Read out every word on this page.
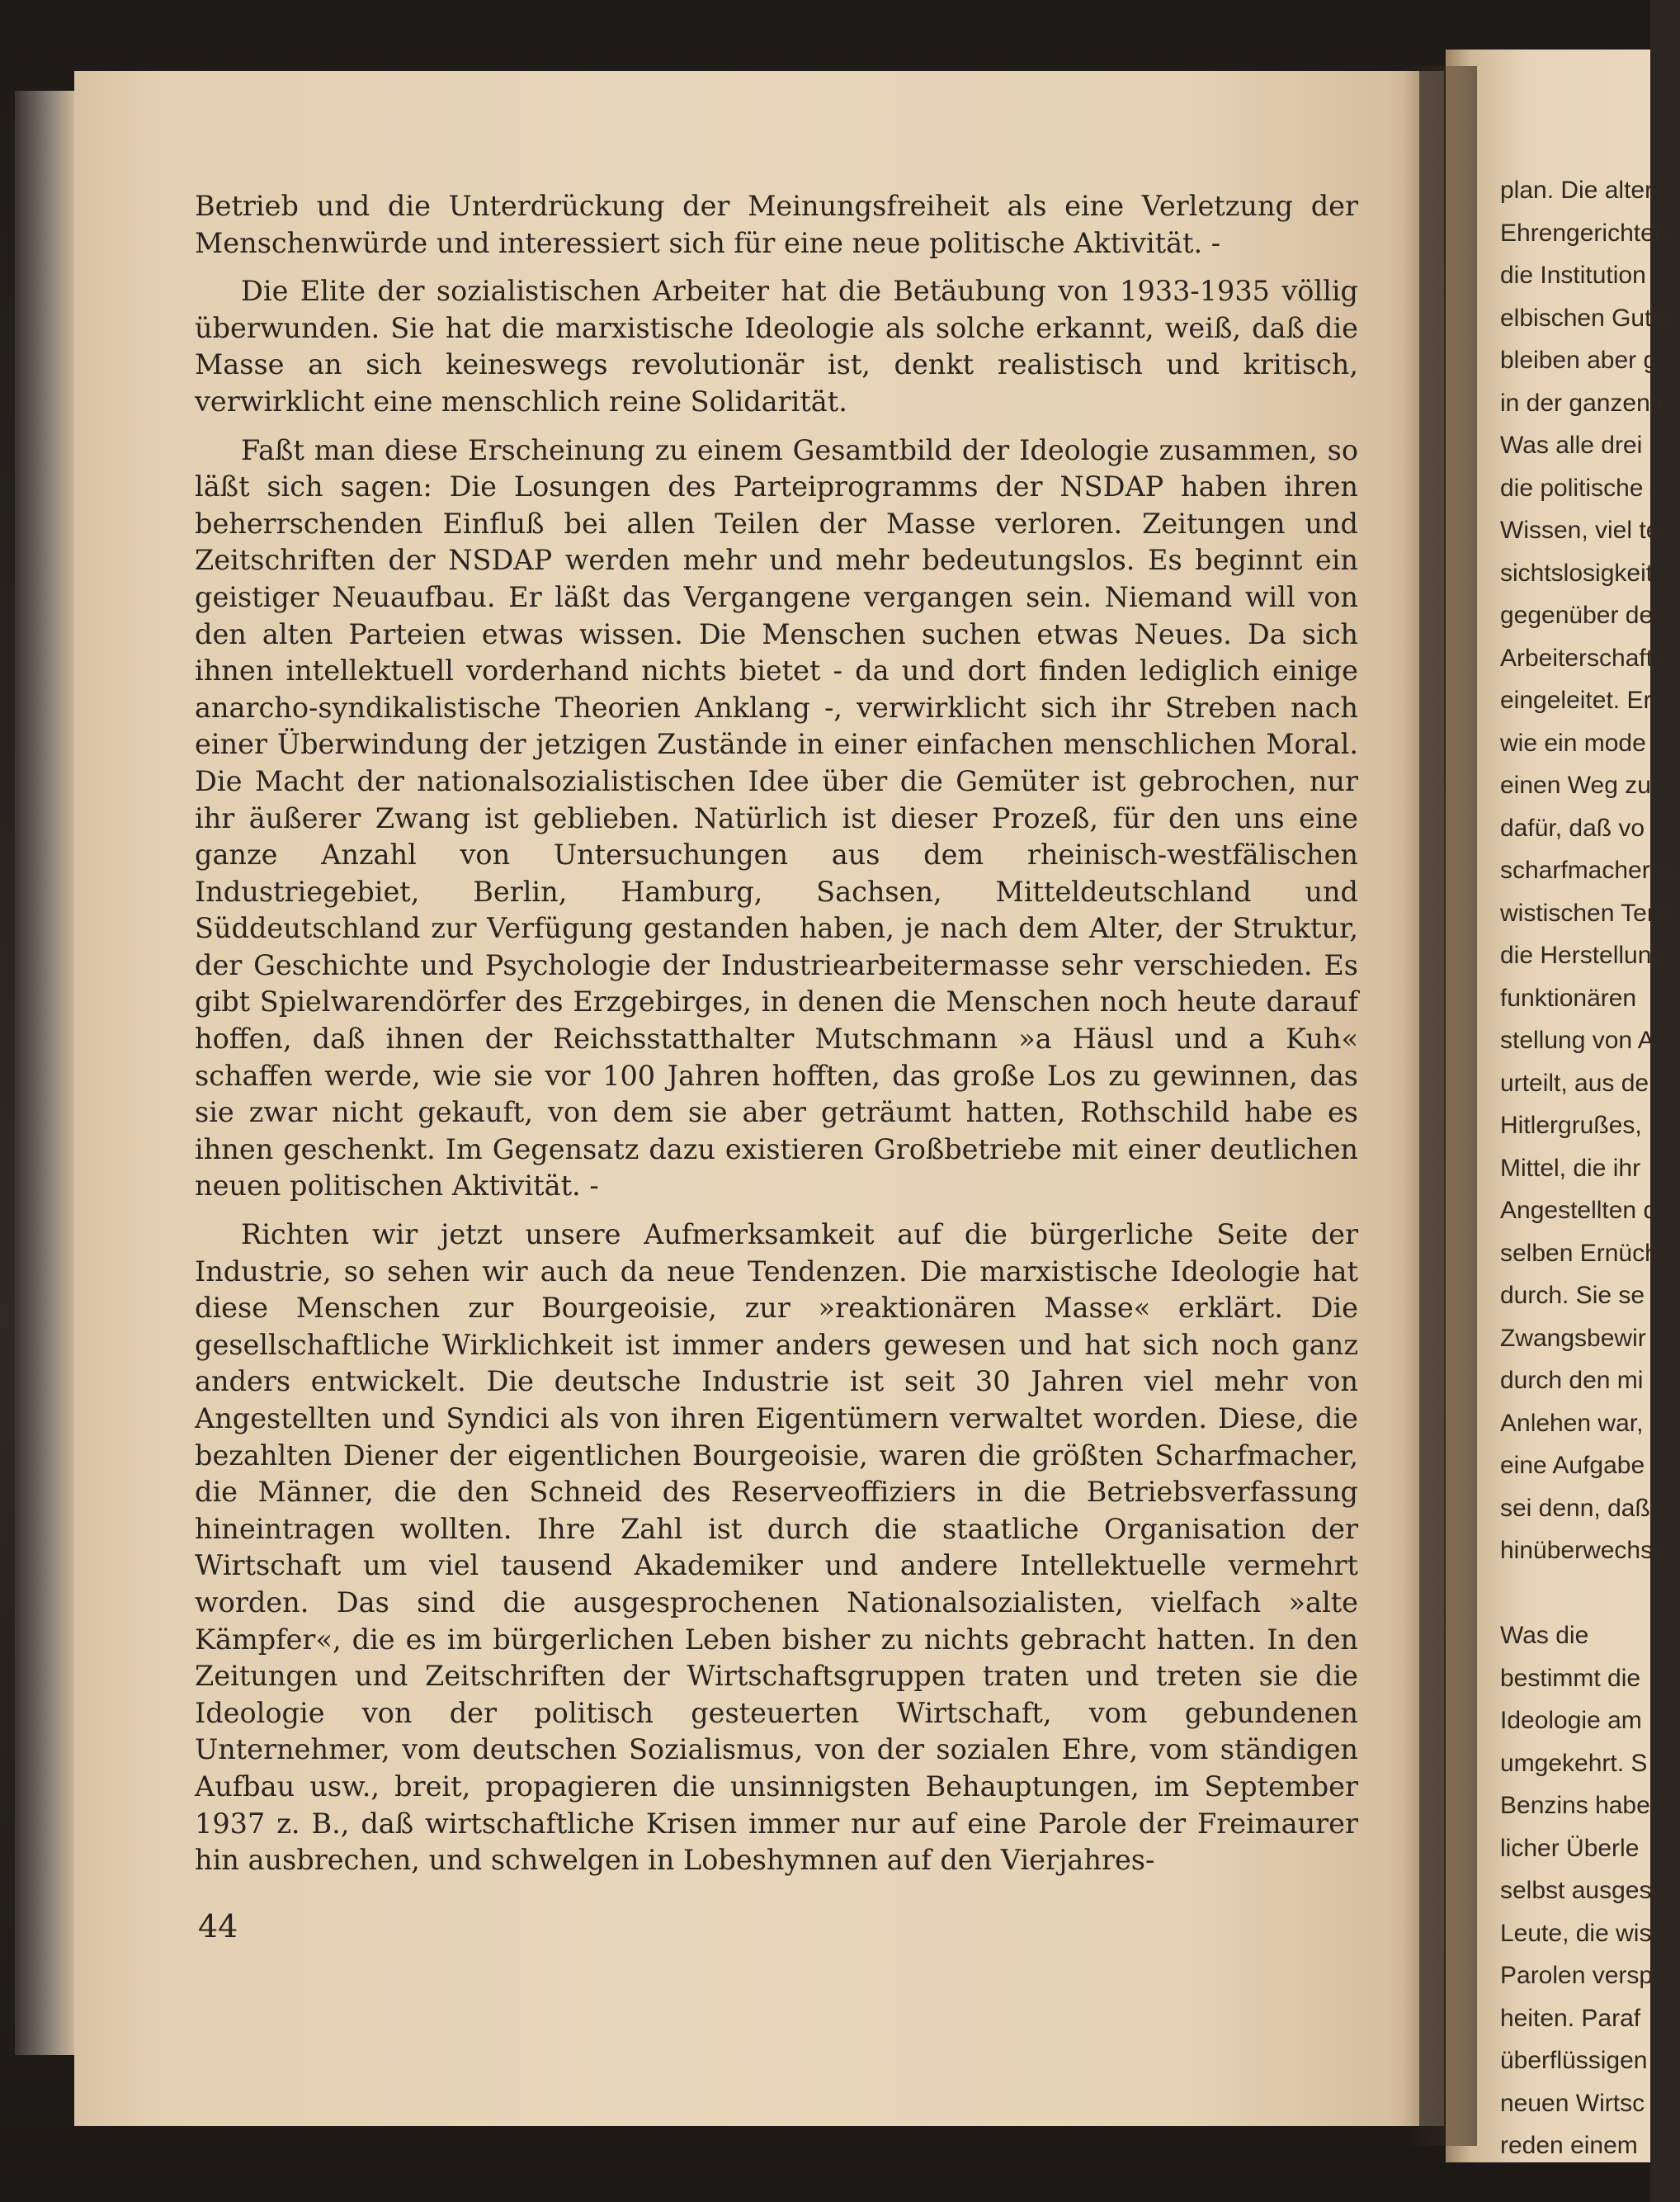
Betrieb und die Unterdrückung der Meinungsfreiheit als eine Verletzung der Menschenwürde und interessiert sich für eine neue politische Aktivität. -

Die Elite der sozialistischen Arbeiter hat die Betäubung von 1933-1935 völlig überwunden. Sie hat die marxistische Ideologie als solche erkannt, weiß, daß die Masse an sich keineswegs revolutionär ist, denkt realistisch und kritisch, verwirklicht eine menschlich reine Solidarität.

Faßt man diese Erscheinung zu einem Gesamtbild der Ideologie zusammen, so läßt sich sagen: Die Losungen des Parteiprogramms der NSDAP haben ihren beherrschenden Einfluß bei allen Teilen der Masse verloren. Zeitungen und Zeitschriften der NSDAP werden mehr und mehr bedeutungslos. Es beginnt ein geistiger Neuaufbau. Er läßt das Vergangene vergangen sein. Niemand will von den alten Parteien etwas wissen. Die Menschen suchen etwas Neues. Da sich ihnen intellektuell vorderhand nichts bietet - da und dort finden lediglich einige anarcho-syndikalistische Theorien Anklang -, verwirklicht sich ihr Streben nach einer Überwindung der jetzigen Zustände in einer einfachen menschlichen Moral. Die Macht der nationalsozialistischen Idee über die Gemüter ist gebrochen, nur ihr äußerer Zwang ist geblieben. Natürlich ist dieser Prozeß, für den uns eine ganze Anzahl von Untersuchungen aus dem rheinisch-westfälischen Industriegebiet, Berlin, Hamburg, Sachsen, Mitteldeutschland und Süddeutschland zur Verfügung gestanden haben, je nach dem Alter, der Struktur, der Geschichte und Psychologie der Industriearbeitermasse sehr verschieden. Es gibt Spielwarendörfer des Erzgebirges, in denen die Menschen noch heute darauf hoffen, daß ihnen der Reichsstatthalter Mutschmann »a Häusl und a Kuh« schaffen werde, wie sie vor 100 Jahren hofften, das große Los zu gewinnen, das sie zwar nicht gekauft, von dem sie aber geträumt hatten, Rothschild habe es ihnen geschenkt. Im Gegensatz dazu existieren Großbetriebe mit einer deutlichen neuen politischen Aktivität. -

Richten wir jetzt unsere Aufmerksamkeit auf die bürgerliche Seite der Industrie, so sehen wir auch da neue Tendenzen. Die marxistische Ideologie hat diese Menschen zur Bourgeoisie, zur »reaktionären Masse« erklärt. Die gesellschaftliche Wirklichkeit ist immer anders gewesen und hat sich noch ganz anders entwickelt. Die deutsche Industrie ist seit 30 Jahren viel mehr von Angestellten und Syndici als von ihren Eigentümern verwaltet worden. Diese, die bezahlten Diener der eigentlichen Bourgeoisie, waren die größten Scharfmacher, die Männer, die den Schneid des Reserveoffiziers in die Betriebsverfassung hineintragen wollten. Ihre Zahl ist durch die staatliche Organisation der Wirtschaft um viel tausend Akademiker und andere Intellektuelle vermehrt worden. Das sind die ausgesprochenen Nationalsozialisten, vielfach »alte Kämpfer«, die es im bürgerlichen Leben bisher zu nichts gebracht hatten. In den Zeitungen und Zeitschriften der Wirtschaftsgruppen traten und treten sie die Ideologie von der politisch gesteuerten Wirtschaft, vom gebundenen Unternehmer, vom deutschen Sozialismus, von der sozialen Ehre, vom ständigen Aufbau usw., breit, propagieren die unsinnigsten Behauptungen, im September 1937 z. B., daß wirtschaftliche Krisen immer nur auf eine Parole der Freimaurer hin ausbrechen, und schwelgen in Lobeshymnen auf den Vierjahres-

44
plan. Die alter
Ehrengerichten
die Institution
elbischen Gutsl
bleiben aber g
in der ganzen r
Was alle drei
die politische F
Wissen, viel te
sichtslosigkeit
gegenüber der
Arbeiterschaft l
eingeleitet. Er
wie ein mode
einen Weg zu
dafür, daß vo
scharfmacherisc
wistischen Tend
die Herstellung
funktionären
stellung von A
urteilt, aus de
Hitlergrußes,
Mittel, die ihr
Angestellten d
selben Ernüch
durch. Sie se
Zwangsbewir
durch den mi
Anlehen war,
eine Aufgabe
sei denn, daß
hinüberwechse
Was die
bestimmt die
Ideologie am
umgekehrt. S
Benzins habe
licher Überle
selbst ausgesc
Leute, die wis
Parolen versp
heiten. Paraf
überflüssigen
neuen Wirtsc
reden einem
